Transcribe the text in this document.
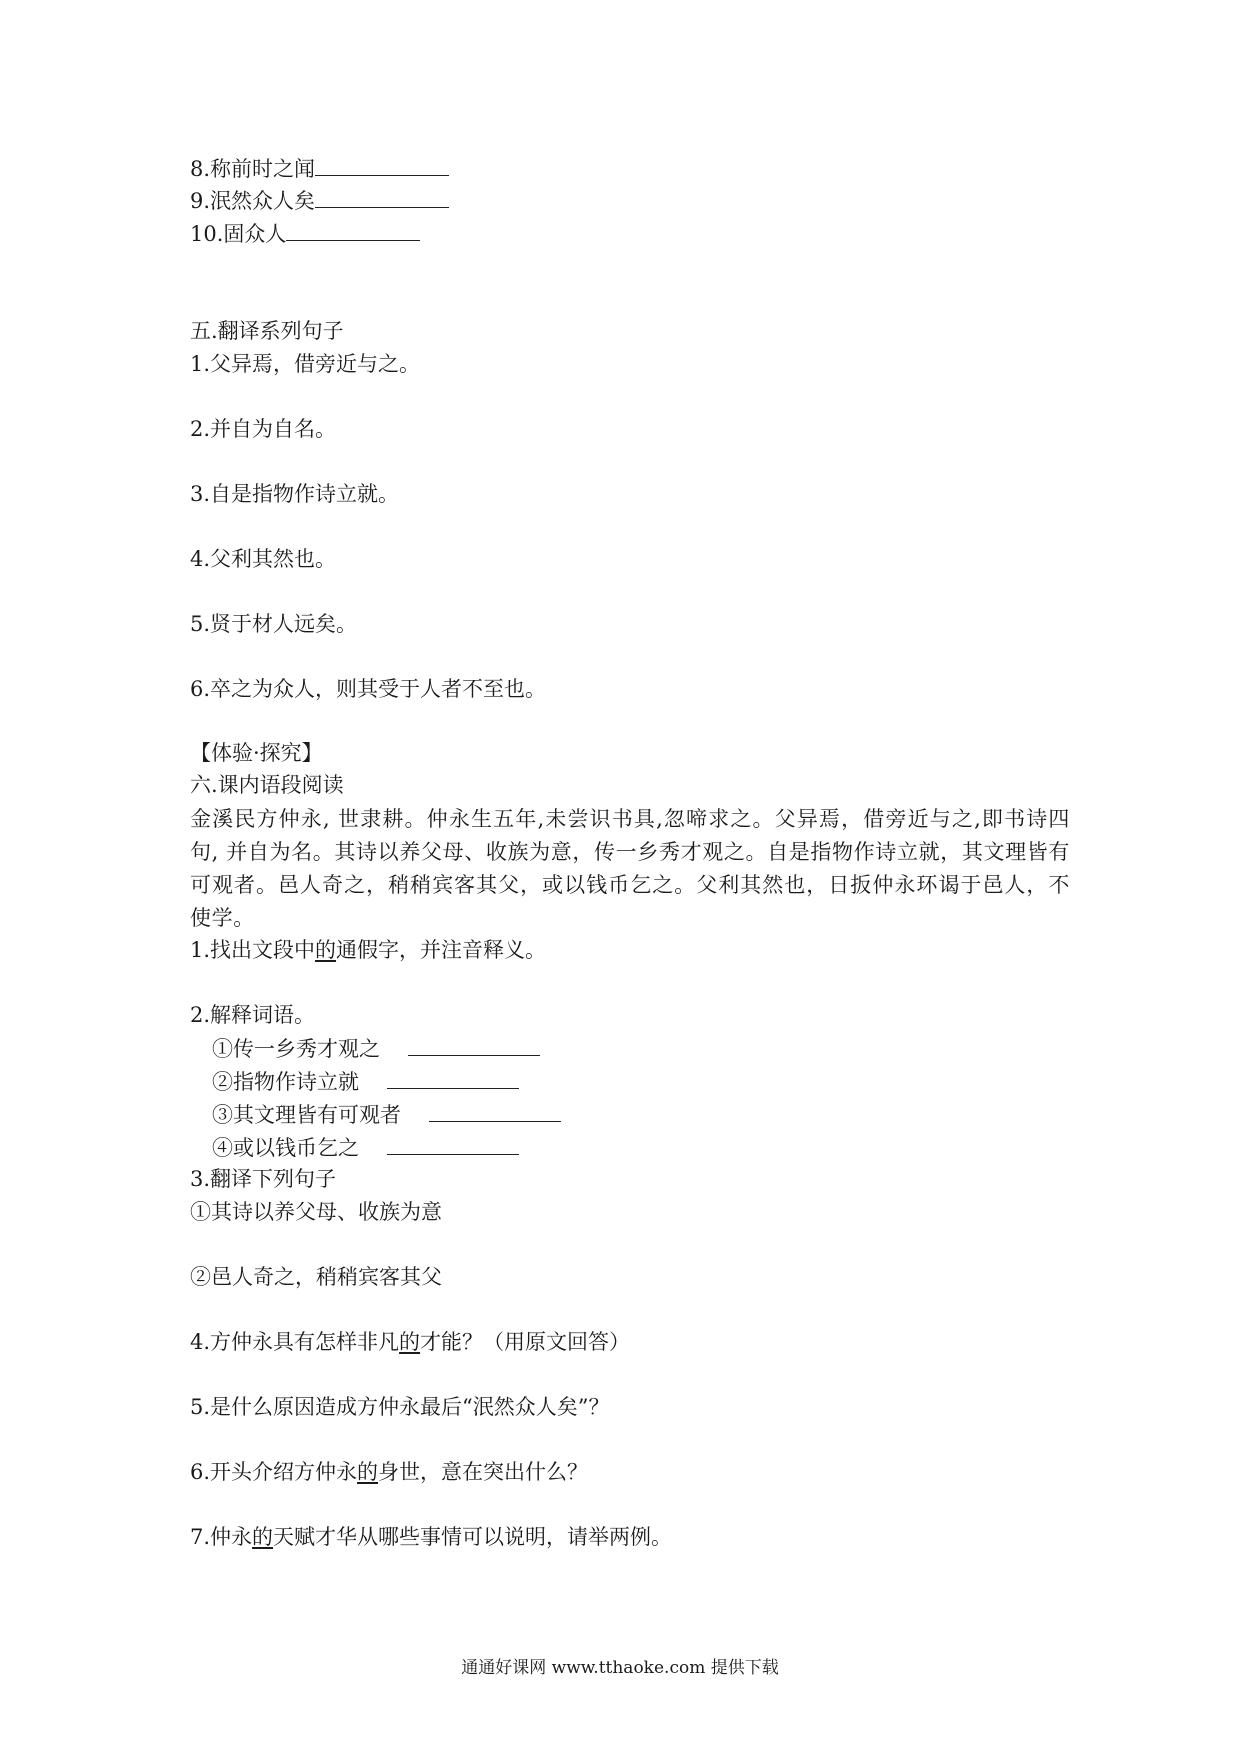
8.称前时之闻
9.泯然众人矣
10.固众人
五.翻译系列句子
1.父异焉，借旁近与之。
2.并自为自名。
3.自是指物作诗立就。
4.父利其然也。
5.贤于材人远矣。
6.卒之为众人，则其受于人者不至也。
【体验·探究】
六.课内语段阅读
金溪民方仲永, 世隶耕。仲永生五年,未尝识书具,忽啼求之。父异焉，借旁近与之,即书诗四句, 并自为名。其诗以养父母、收族为意，传一乡秀才观之。自是指物作诗立就，其文理皆有可观者。邑人奇之，稍稍宾客其父，或以钱币乞之。父利其然也，日扳仲永环谒于邑人，不使学。
1.找出文段中的通假字，并注音释义。
2.解释词语。
①传一乡秀才观之
②指物作诗立就
③其文理皆有可观者
④或以钱币乞之
3.翻译下列句子
①其诗以养父母、收族为意
②邑人奇之，稍稍宾客其父
4.方仲永具有怎样非凡的才能？（用原文回答）
5.是什么原因造成方仲永最后“泯然众人矣”？
6.开头介绍方仲永的身世，意在突出什么？
7.仲永的天赋才华从哪些事情可以说明，请举两例。
通通好课网 www.tthaoke.com 提供下载
